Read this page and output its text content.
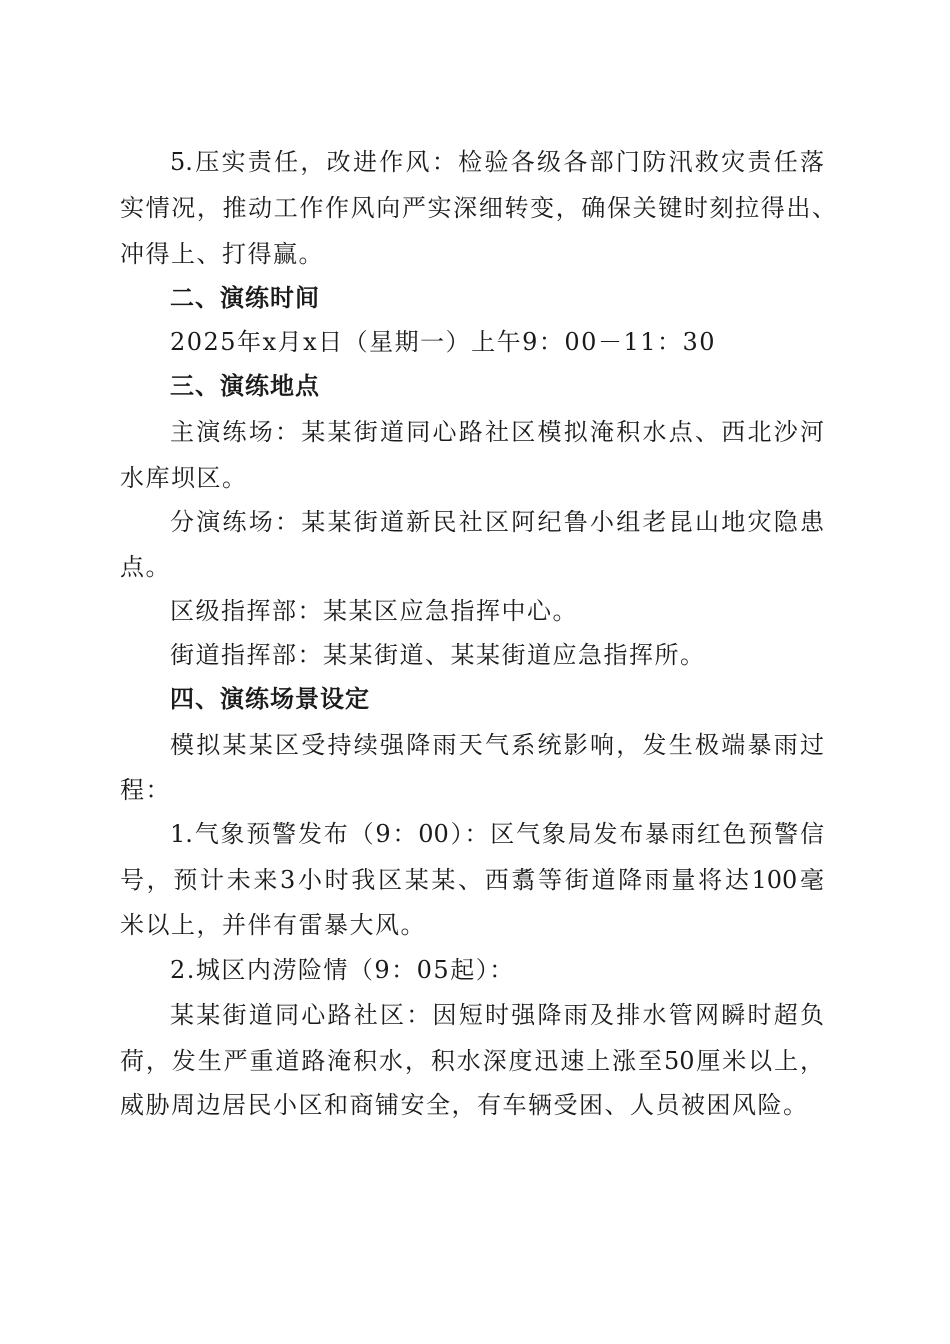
5.压实责任，改进作风：检验各级各部门防汛救灾责任落
实情况，推动工作作风向严实深细转变，确保关键时刻拉得出、
冲得上、打得赢。
二、演练时间
2025年x月x日（星期一）上午9：00－11：30
三、演练地点
主演练场：某某街道同心路社区模拟淹积水点、西北沙河
水库坝区。
分演练场：某某街道新民社区阿纪鲁小组老昆山地灾隐患
点。
区级指挥部：某某区应急指挥中心。
街道指挥部：某某街道、某某街道应急指挥所。
四、演练场景设定
模拟某某区受持续强降雨天气系统影响，发生极端暴雨过
程：
1.气象预警发布（9：00）：区气象局发布暴雨红色预警信
号，预计未来3小时我区某某、西翥等街道降雨量将达100毫
米以上，并伴有雷暴大风。
2.城区内涝险情（9：05起）：
某某街道同心路社区：因短时强降雨及排水管网瞬时超负
荷，发生严重道路淹积水，积水深度迅速上涨至50厘米以上，
威胁周边居民小区和商铺安全，有车辆受困、人员被困风险。
